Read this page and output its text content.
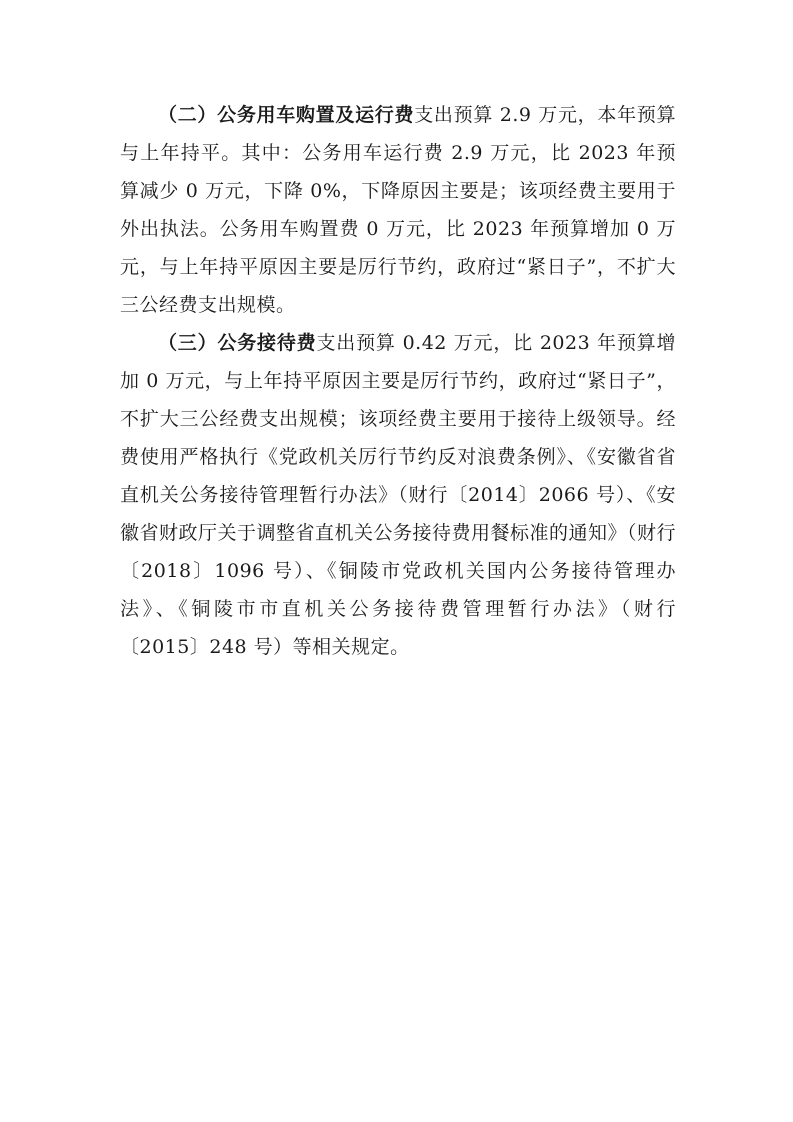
（二）公务用车购置及运行费支出预算 2.9 万元，本年预算与上年持平。其中：公务用车运行费 2.9 万元，比 2023 年预算减少 0 万元，下降 0%，下降原因主要是；该项经费主要用于外出执法。公务用车购置费 0 万元，比 2023 年预算增加 0 万元，与上年持平原因主要是厉行节约，政府过“紧日子”，不扩大三公经费支出规模。

（三）公务接待费支出预算 0.42 万元，比 2023 年预算增加 0 万元，与上年持平原因主要是厉行节约，政府过“紧日子”，不扩大三公经费支出规模；该项经费主要用于接待上级领导。经费使用严格执行《党政机关厉行节约反对浪费条例》、《安徽省省直机关公务接待管理暂行办法》（财行〔2014〕2066 号）、《安徽省财政厅关于调整省直机关公务接待费用餐标准的通知》（财行〔2018〕1096 号）、《铜陵市党政机关国内公务接待管理办法》、《铜陵市市直机关公务接待费管理暂行办法》（财行〔2015〕248 号）等相关规定。
